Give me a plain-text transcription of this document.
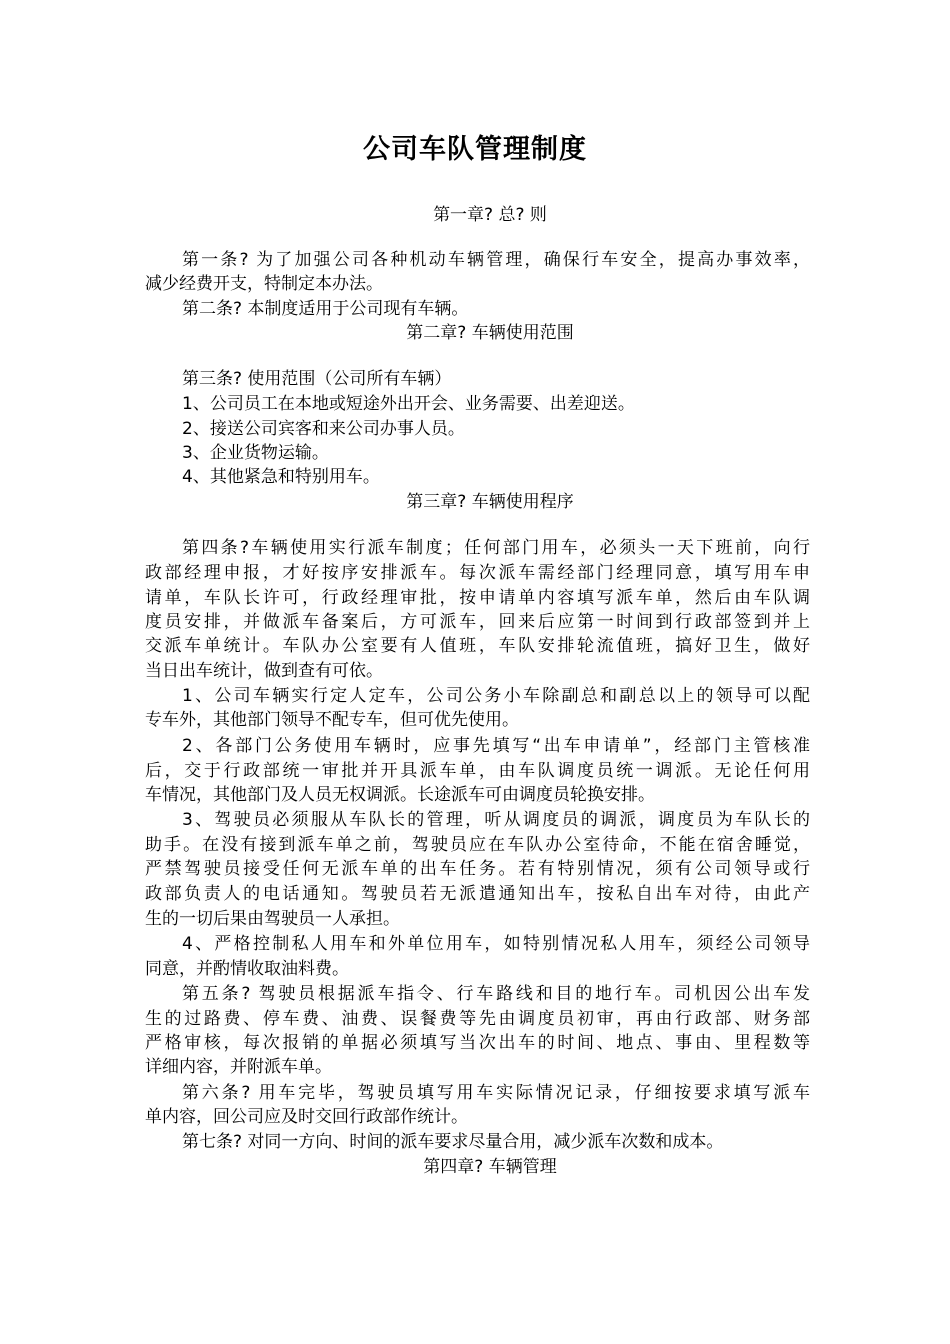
公司车队管理制度
第一章? 总? 则
第一条? 为了加强公司各种机动车辆管理，确保行车安全，提高办事效率，
减少经费开支，特制定本办法。
第二条? 本制度适用于公司现有车辆。
第二章? 车辆使用范围
第三条? 使用范围（公司所有车辆）
1、公司员工在本地或短途外出开会、业务需要、出差迎送。
2、接送公司宾客和来公司办事人员。
3、企业货物运输。
4、其他紧急和特别用车。
第三章? 车辆使用程序
第四条?车辆使用实行派车制度；任何部门用车，必须头一天下班前，向行
政部经理申报，才好按序安排派车。每次派车需经部门经理同意，填写用车申
请单，车队长许可，行政经理审批，按申请单内容填写派车单，然后由车队调
度员安排，并做派车备案后，方可派车，回来后应第一时间到行政部签到并上
交派车单统计。车队办公室要有人值班，车队安排轮流值班，搞好卫生，做好
当日出车统计，做到查有可依。
1、公司车辆实行定人定车，公司公务小车除副总和副总以上的领导可以配
专车外，其他部门领导不配专车，但可优先使用。
2、各部门公务使用车辆时，应事先填写“出车申请单”，经部门主管核准
后，交于行政部统一审批并开具派车单，由车队调度员统一调派。无论任何用
车情况，其他部门及人员无权调派。长途派车可由调度员轮换安排。
3、驾驶员必须服从车队长的管理，听从调度员的调派，调度员为车队长的
助手。在没有接到派车单之前，驾驶员应在车队办公室待命，不能在宿舍睡觉，
严禁驾驶员接受任何无派车单的出车任务。若有特别情况，须有公司领导或行
政部负责人的电话通知。驾驶员若无派遣通知出车，按私自出车对待，由此产
生的一切后果由驾驶员一人承担。
4、严格控制私人用车和外单位用车，如特别情况私人用车，须经公司领导
同意，并酌情收取油料费。
第五条? 驾驶员根据派车指令、行车路线和目的地行车。司机因公出车发
生的过路费、停车费、油费、误餐费等先由调度员初审，再由行政部、财务部
严格审核，每次报销的单据必须填写当次出车的时间、地点、事由、里程数等
详细内容，并附派车单。
第六条? 用车完毕，驾驶员填写用车实际情况记录，仔细按要求填写派车
单内容，回公司应及时交回行政部作统计。
第七条? 对同一方向、时间的派车要求尽量合用，减少派车次数和成本。
第四章? 车辆管理
